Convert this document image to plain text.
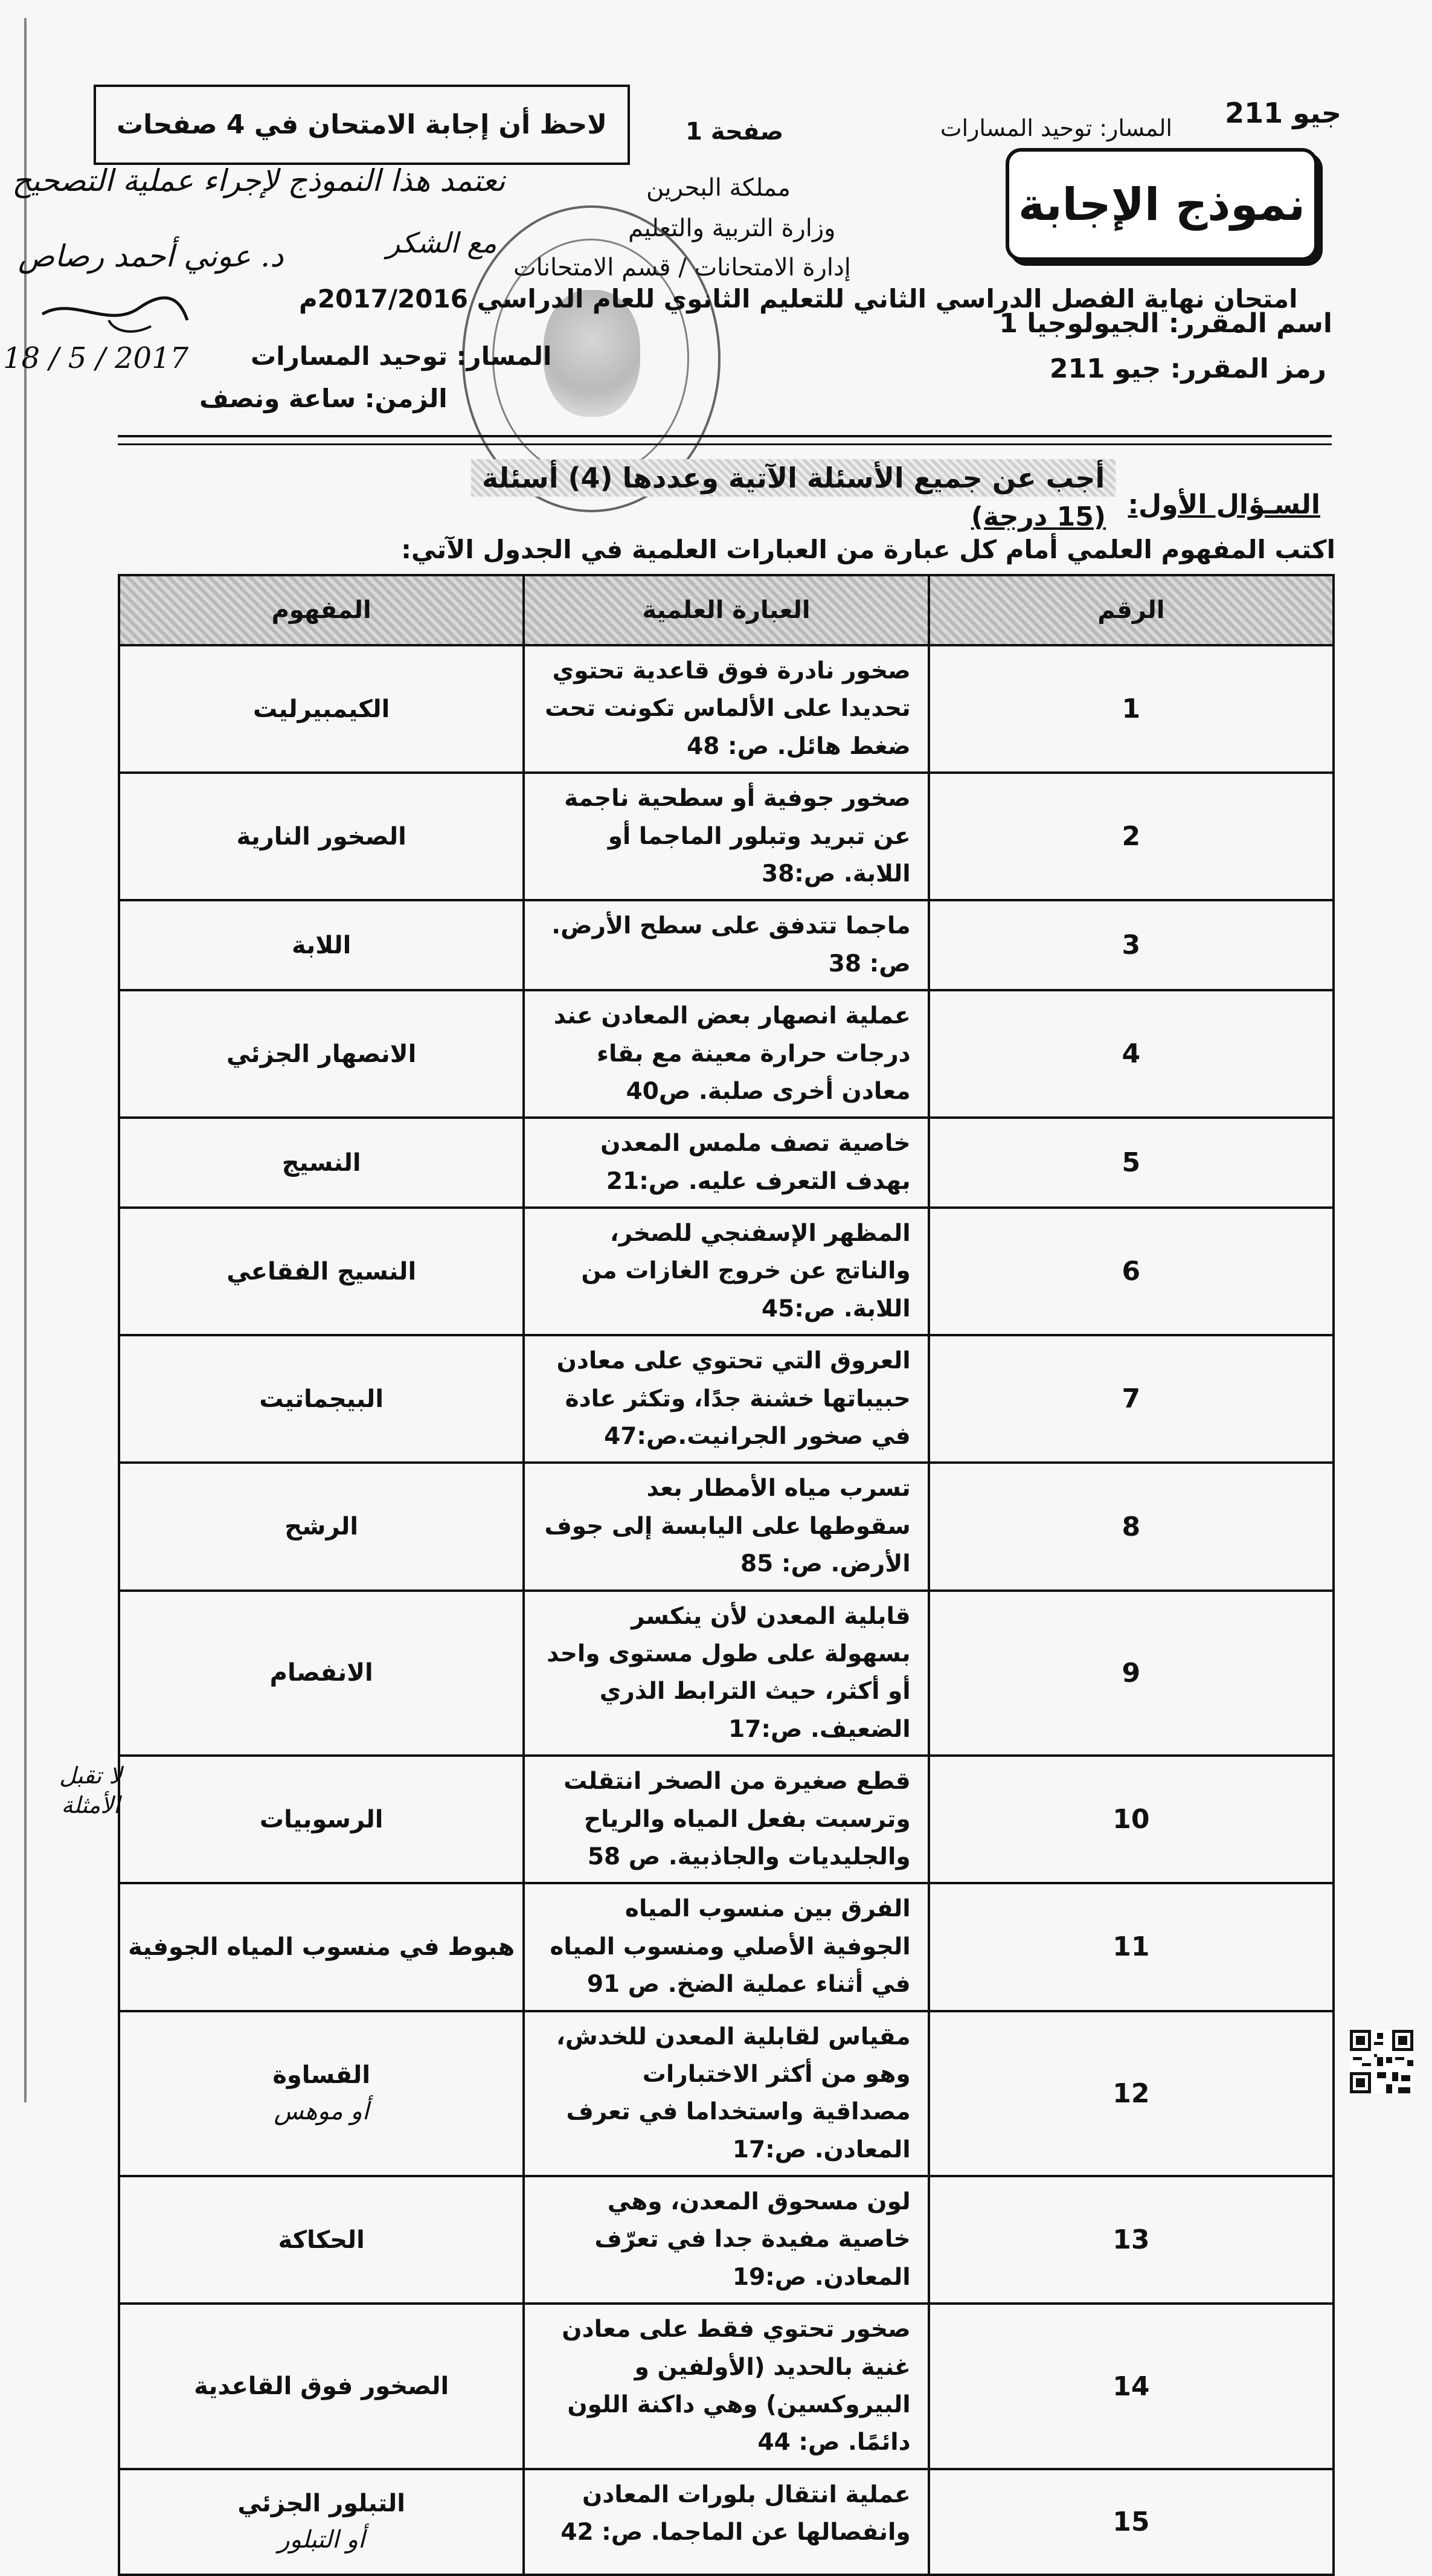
جيو 211
المسار: توحيد المسارات
صفحة 1
لاحظ أن إجابة الامتحان في 4 صفحات
نموذج الإجابة
مملكة البحرين
وزارة التربية والتعليم
إدارة الامتحانات / قسم الامتحانات
امتحان نهاية الفصل الدراسي الثاني للتعليم الثانوي للعام الدراسي 2017/2016م
اسم المقرر: الجيولوجيا 1
رمز المقرر: جيو 211
المسار: توحيد المسارات
الزمن: ساعة ونصف
نعتمد هذا النموذج لإجراء عملية التصحيح
مع الشكر
د. عوني أحمد رصاص
18 / 5 / 2017
أجب عن جميع الأسئلة الآتية وعددها (4) أسئلة
السـؤال الأول:
(15 درجة)
اكتب المفهوم العلمي أمام كل عبارة من العبارات العلمية في الجدول الآتي:
الرقم	العبارة العلمية	المفهوم
1	صخور نادرة فوق قاعدية تحتوي تحديدا على الألماس تكونت تحت ضغط هائل. ص: 48	الكيمبيرليت
2	صخور جوفية أو سطحية ناجمة عن تبريد وتبلور الماجما أو اللابة. ص:38	الصخور النارية
3	ماجما تتدفق على سطح الأرض. ص: 38	اللابة
4	عملية انصهار بعض المعادن عند درجات حرارة معينة مع بقاء معادن أخرى صلبة. ص40	الانصهار الجزئي
5	خاصية تصف ملمس المعدن بهدف التعرف عليه. ص:21	النسيج
6	المظهر الإسفنجي للصخر، والناتج عن خروج الغازات من اللابة. ص:45	النسيج الفقاعي
7	العروق التي تحتوي على معادن حبيباتها خشنة جدًا، وتكثر عادة في صخور الجرانيت.ص:47	البيجماتيت
8	تسرب مياه الأمطار بعد سقوطها على اليابسة إلى جوف الأرض. ص: 85	الرشح
9	قابلية المعدن لأن ينكسر بسهولة على طول مستوى واحد أو أكثر، حيث الترابط الذري الضعيف. ص:17	الانفصام
10	قطع صغيرة من الصخر انتقلت وترسبت بفعل المياه والرياح والجليديات والجاذبية. ص 58	الرسوبيات
11	الفرق بين منسوب المياه الجوفية الأصلي ومنسوب المياه في أثناء عملية الضخ. ص 91	هبوط في منسوب المياه الجوفية
12	مقياس لقابلية المعدن للخدش، وهو من أكثر الاختبارات مصداقية واستخداما في تعرف المعادن. ص:17	القساوة
أو موهس

13	لون مسحوق المعدن، وهي خاصية مفيدة جدا في تعرّف المعادن. ص:19	الحكاكة
14	صخور تحتوي فقط على معادن غنية بالحديد (الأولفين و البيروكسين) وهي داكنة اللون دائمًا. ص: 44	الصخور فوق القاعدية
15	عملية انتقال بلورات المعادن وانفصالها عن الماجما. ص: 42	التبلور الجزئي
أو التبلور
لا تقبل الأمثلة
